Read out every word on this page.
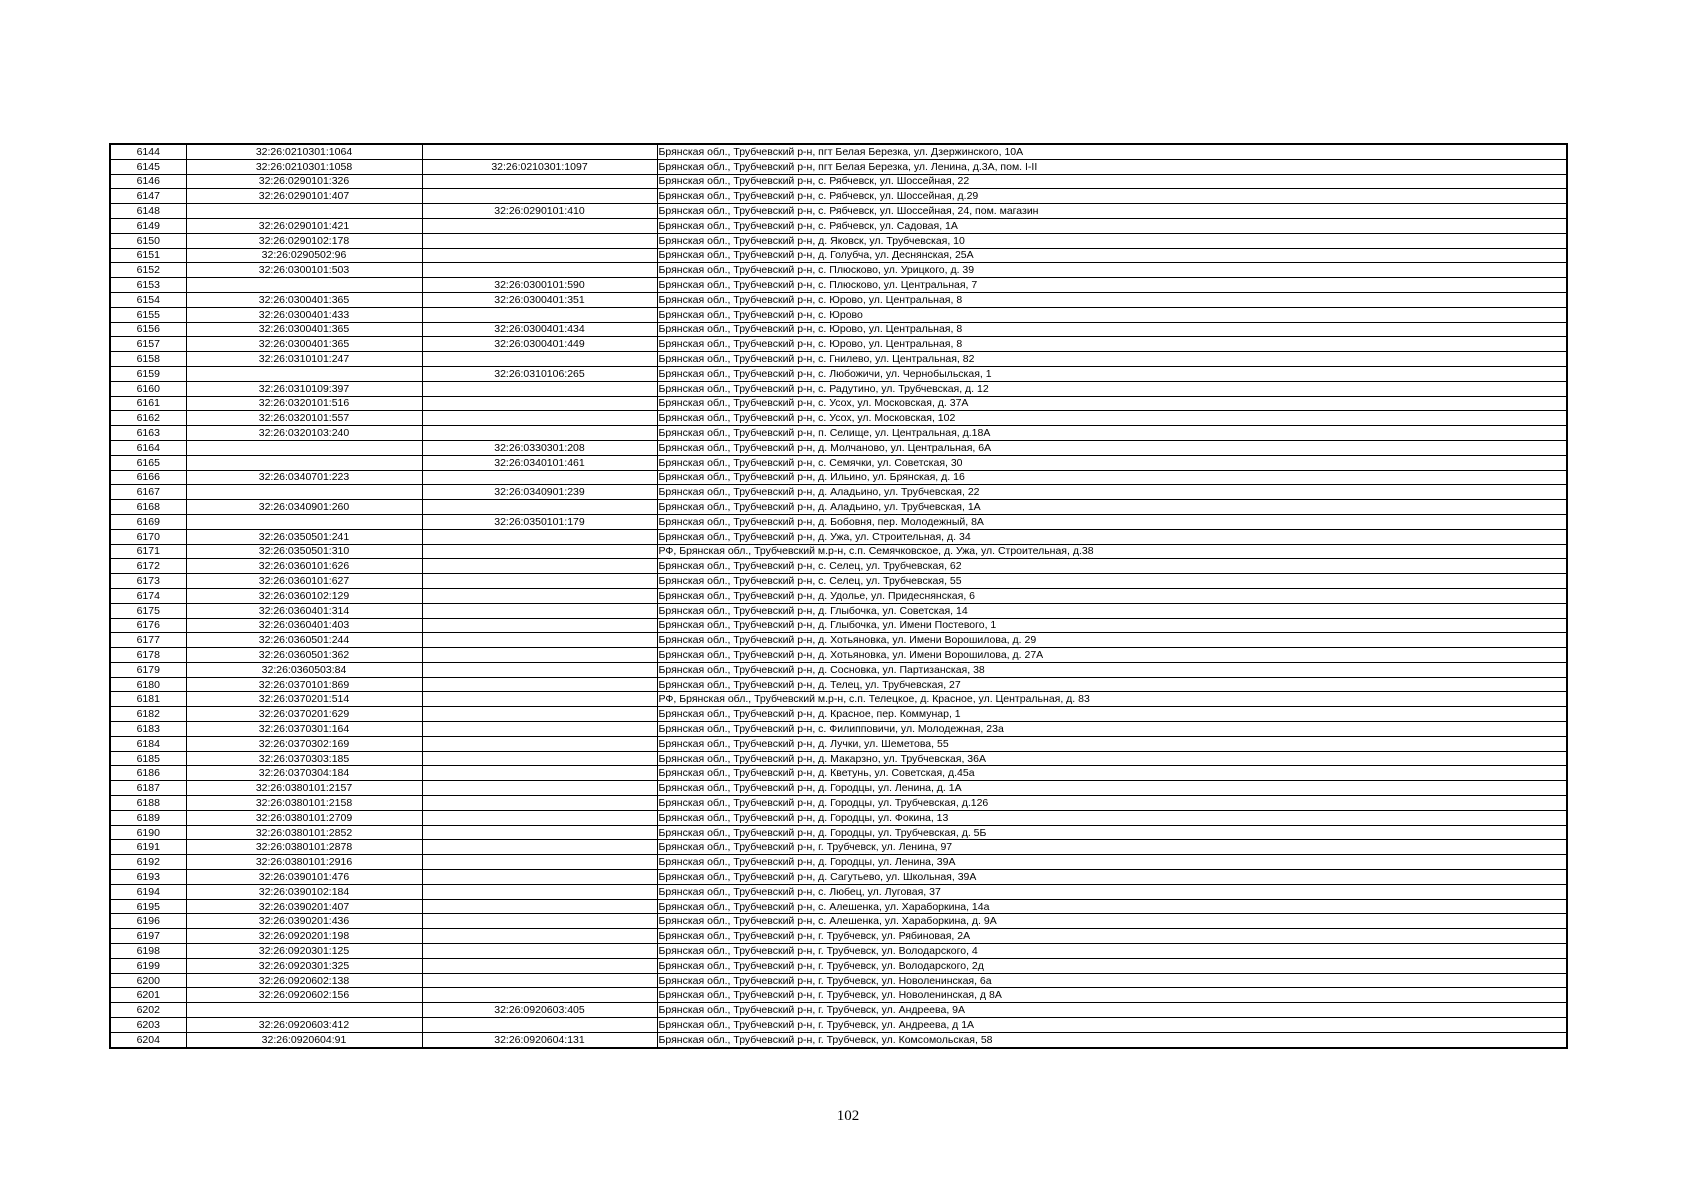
6144	32:26:0210301:1064		Брянская обл., Трубчевский р-н, пгт Белая Березка, ул. Дзержинского, 10А
6145	32:26:0210301:1058	32:26:0210301:1097	Брянская обл., Трубчевский р-н, пгт Белая Березка, ул. Ленина, д.3А, пом. I-II
6146	32:26:0290101:326		Брянская обл., Трубчевский р-н, с. Рябчевск, ул. Шоссейная, 22
6147	32:26:0290101:407		Брянская обл., Трубчевский р-н, с. Рябчевск, ул. Шоссейная, д.29
6148		32:26:0290101:410	Брянская обл., Трубчевский р-н, с. Рябчевск, ул. Шоссейная, 24, пом. магазин
6149	32:26:0290101:421		Брянская обл., Трубчевский р-н, с. Рябчевск, ул. Садовая, 1А
6150	32:26:0290102:178		Брянская обл., Трубчевский р-н, д. Яковск, ул. Трубчевская, 10
6151	32:26:0290502:96		Брянская обл., Трубчевский р-н, д. Голубча, ул. Деснянская, 25А
6152	32:26:0300101:503		Брянская обл., Трубчевский р-н, с. Плюсково, ул. Урицкого, д. 39
6153		32:26:0300101:590	Брянская обл., Трубчевский р-н, с. Плюсково, ул. Центральная, 7
6154	32:26:0300401:365	32:26:0300401:351	Брянская обл., Трубчевский р-н, с. Юрово, ул. Центральная, 8
6155	32:26:0300401:433		Брянская обл., Трубчевский р-н, с. Юрово
6156	32:26:0300401:365	32:26:0300401:434	Брянская обл., Трубчевский р-н, с. Юрово, ул. Центральная, 8
6157	32:26:0300401:365	32:26:0300401:449	Брянская обл., Трубчевский р-н, с. Юрово, ул. Центральная, 8
6158	32:26:0310101:247		Брянская обл., Трубчевский р-н, с. Гнилево, ул. Центральная, 82
6159		32:26:0310106:265	Брянская обл., Трубчевский р-н, с. Любожичи, ул. Чернобыльская, 1
6160	32:26:0310109:397		Брянская обл., Трубчевский р-н, с. Радутино, ул. Трубчевская, д. 12
6161	32:26:0320101:516		Брянская обл., Трубчевский р-н, с. Усох, ул. Московская, д. 37А
6162	32:26:0320101:557		Брянская обл., Трубчевский р-н, с. Усох, ул. Московская, 102
6163	32:26:0320103:240		Брянская обл., Трубчевский р-н, п. Селище, ул. Центральная, д.18А
6164		32:26:0330301:208	Брянская обл., Трубчевский р-н, д. Молчаново, ул. Центральная, 6А
6165		32:26:0340101:461	Брянская обл., Трубчевский р-н, с. Семячки, ул. Советская, 30
6166	32:26:0340701:223		Брянская обл., Трубчевский р-н, д. Ильино, ул. Брянская, д. 16
6167		32:26:0340901:239	Брянская обл., Трубчевский р-н, д. Аладьино, ул. Трубчевская, 22
6168	32:26:0340901:260		Брянская обл., Трубчевский р-н, д. Аладьино, ул. Трубчевская, 1А
6169		32:26:0350101:179	Брянская обл., Трубчевский р-н, д. Бобовня, пер. Молодежный, 8А
6170	32:26:0350501:241		Брянская обл., Трубчевский р-н, д. Ужа, ул. Строительная, д. 34
6171	32:26:0350501:310		РФ, Брянская обл., Трубчевский м.р-н, с.п. Семячковское, д. Ужа, ул. Строительная, д.38
6172	32:26:0360101:626		Брянская обл., Трубчевский р-н, с. Селец, ул. Трубчевская, 62
6173	32:26:0360101:627		Брянская обл., Трубчевский р-н, с. Селец, ул. Трубчевская, 55
6174	32:26:0360102:129		Брянская обл., Трубчевский р-н, д. Удолье, ул. Придеснянская, 6
6175	32:26:0360401:314		Брянская обл., Трубчевский р-н, д. Глыбочка, ул. Советская, 14
6176	32:26:0360401:403		Брянская обл., Трубчевский р-н, д. Глыбочка, ул. Имени Постевого, 1
6177	32:26:0360501:244		Брянская обл., Трубчевский р-н, д. Хотьяновка, ул. Имени Ворошилова, д. 29
6178	32:26:0360501:362		Брянская обл., Трубчевский р-н, д. Хотьяновка, ул. Имени Ворошилова, д. 27А
6179	32:26:0360503:84		Брянская обл., Трубчевский р-н, д. Сосновка, ул. Партизанская, 38
6180	32:26:0370101:869		Брянская обл., Трубчевский р-н, д. Телец, ул. Трубчевская, 27
6181	32:26:0370201:514		РФ, Брянская обл., Трубчевский м.р-н, с.п. Телецкое, д. Красное, ул. Центральная, д. 83
6182	32:26:0370201:629		Брянская обл., Трубчевский р-н, д. Красное, пер. Коммунар, 1
6183	32:26:0370301:164		Брянская обл., Трубчевский р-н, с. Филипповичи, ул. Молодежная, 23а
6184	32:26:0370302:169		Брянская обл., Трубчевский р-н, д. Лучки, ул. Шеметова, 55
6185	32:26:0370303:185		Брянская обл., Трубчевский р-н, д. Макарзно, ул. Трубчевская, 36А
6186	32:26:0370304:184		Брянская обл., Трубчевский р-н, д. Кветунь, ул. Советская, д.45а
6187	32:26:0380101:2157		Брянская обл., Трубчевский р-н, д. Городцы, ул. Ленина, д. 1А
6188	32:26:0380101:2158		Брянская обл., Трубчевский р-н, д. Городцы, ул. Трубчевская, д.126
6189	32:26:0380101:2709		Брянская обл., Трубчевский р-н, д. Городцы, ул. Фокина, 13
6190	32:26:0380101:2852		Брянская обл., Трубчевский р-н, д. Городцы, ул. Трубчевская, д. 5Б
6191	32:26:0380101:2878		Брянская обл., Трубчевский р-н, г. Трубчевск, ул. Ленина, 97
6192	32:26:0380101:2916		Брянская обл., Трубчевский р-н, д. Городцы, ул. Ленина, 39А
6193	32:26:0390101:476		Брянская обл., Трубчевский р-н, д. Сагутьево, ул. Школьная, 39А
6194	32:26:0390102:184		Брянская обл., Трубчевский р-н, с. Любец, ул. Луговая, 37
6195	32:26:0390201:407		Брянская обл., Трубчевский р-н, с. Алешенка, ул. Хараборкина, 14а
6196	32:26:0390201:436		Брянская обл., Трубчевский р-н, с. Алешенка, ул. Хараборкина, д. 9А
6197	32:26:0920201:198		Брянская обл., Трубчевский р-н, г. Трубчевск, ул. Рябиновая, 2А
6198	32:26:0920301:125		Брянская обл., Трубчевский р-н, г. Трубчевск, ул. Володарского, 4
6199	32:26:0920301:325		Брянская обл., Трубчевский р-н, г. Трубчевск, ул. Володарского, 2д
6200	32:26:0920602:138		Брянская обл., Трубчевский р-н, г. Трубчевск, ул. Новоленинская, 6а
6201	32:26:0920602:156		Брянская обл., Трубчевский р-н, г. Трубчевск, ул. Новоленинская, д 8А
6202		32:26:0920603:405	Брянская обл., Трубчевский р-н, г. Трубчевск, ул. Андреева, 9А
6203	32:26:0920603:412		Брянская обл., Трубчевский р-н, г. Трубчевск, ул. Андреева, д 1А
6204	32:26:0920604:91	32:26:0920604:131	Брянская обл., Трубчевский р-н, г. Трубчевск, ул. Комсомольская, 58
102
